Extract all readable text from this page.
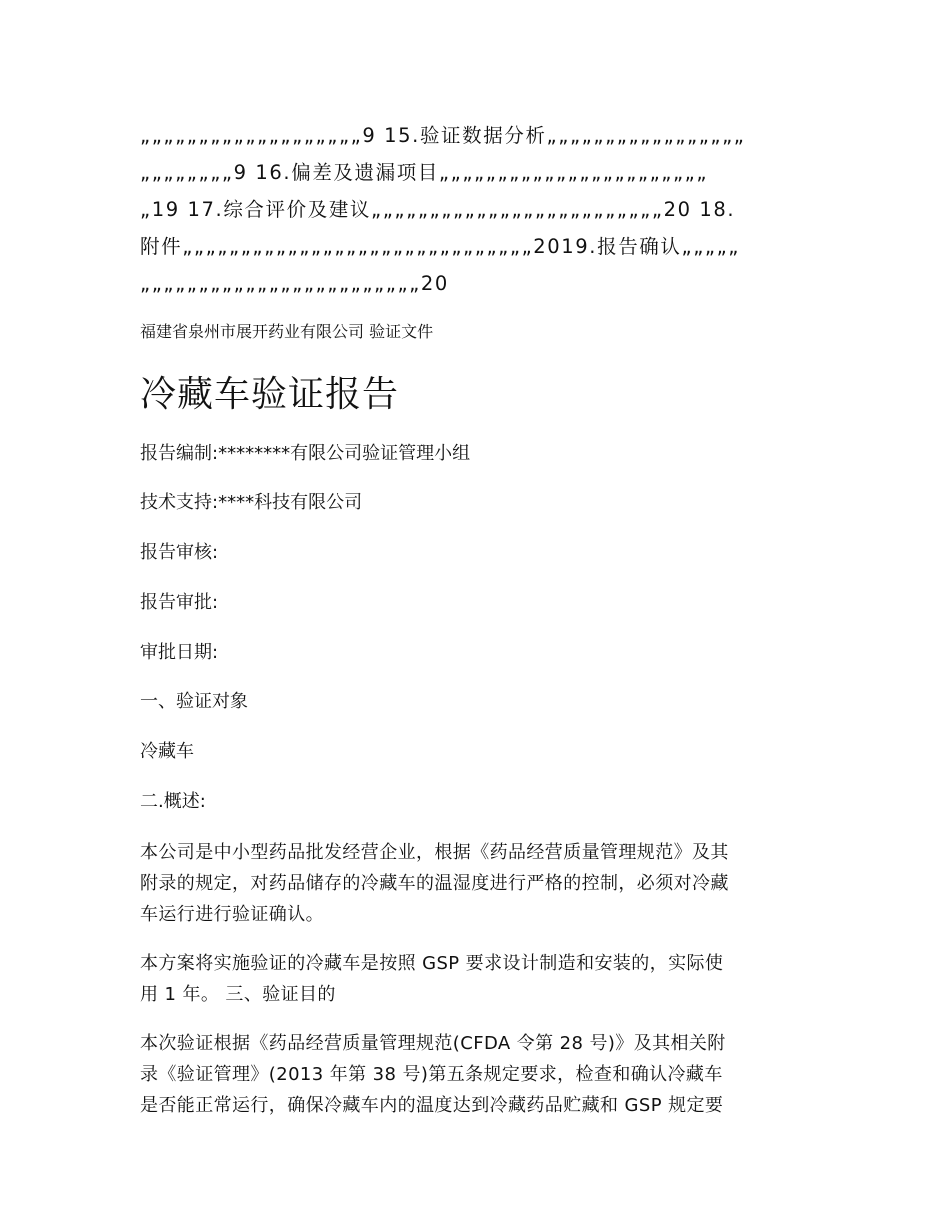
„„„„„„„„„„„„„„„„„„„9 15.验证数据分析„„„„„„„„„„„„„„„„„
„„„„„„„„9 16.偏差及遗漏项目„„„„„„„„„„„„„„„„„„„„„„„
„19 17.综合评价及建议„„„„„„„„„„„„„„„„„„„„„„„„„20 18.
附件„„„„„„„„„„„„„„„„„„„„„„„„„„„„„„2019.报告确认„„„„„
„„„„„„„„„„„„„„„„„„„„„„„„20
福建省泉州市展开药业有限公司 验证文件
冷藏车验证报告
报告编制:********有限公司验证管理小组
技术支持:****科技有限公司
报告审核:
报告审批:
审批日期:
一、验证对象
冷藏车
二.概述:
本公司是中小型药品批发经营企业，根据《药品经营质量管理规范》及其
附录的规定，对药品储存的冷藏车的温湿度进行严格的控制，必须对冷藏
车运行进行验证确认。
本方案将实施验证的冷藏车是按照 GSP 要求设计制造和安装的，实际使
用 1 年。 三、验证目的
本次验证根据《药品经营质量管理规范(CFDA 令第 28 号)》及其相关附
录《验证管理》(2013 年第 38 号)第五条规定要求，检查和确认冷藏车
是否能正常运行，确保冷藏车内的温度达到冷藏药品贮藏和 GSP 规定要
